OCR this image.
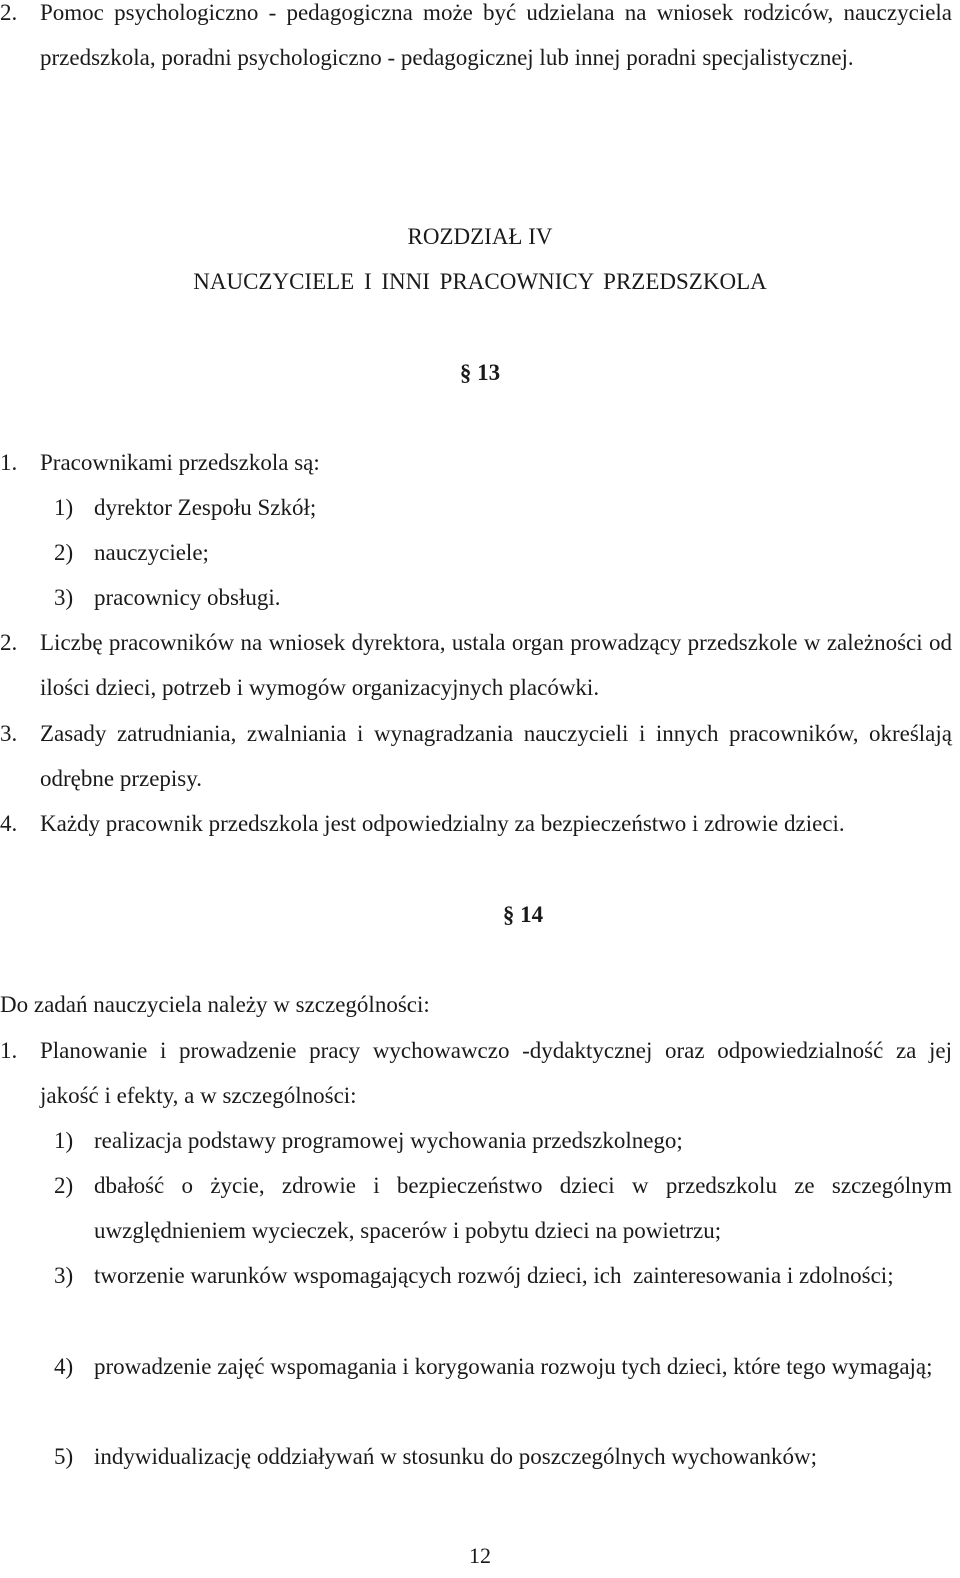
2. Pomoc psychologiczno - pedagogiczna może być udzielana na wniosek rodziców, nauczyciela przedszkola, poradni psychologiczno - pedagogicznej lub innej poradni specjalistycznej.
ROZDZIAŁ IV
NAUCZYCIELE I INNI PRACOWNICY PRZEDSZKOLA
§ 13
1. Pracownikami przedszkola są:
1) dyrektor Zespołu Szkół;
2) nauczyciele;
3) pracownicy obsługi.
2. Liczbę pracowników na wniosek dyrektora, ustala organ prowadzący przedszkole w zależności od ilości dzieci, potrzeb i wymogów organizacyjnych placówki.
3. Zasady zatrudniania, zwalniania i wynagradzania nauczycieli i innych pracowników, określają odrębne przepisy.
4. Każdy pracownik przedszkola jest odpowiedzialny za bezpieczeństwo i zdrowie dzieci.
§ 14
Do zadań nauczyciela należy w szczególności:
1. Planowanie i prowadzenie pracy wychowawczo -dydaktycznej oraz odpowiedzialność za jej jakość i efekty, a w szczególności:
1) realizacja podstawy programowej wychowania przedszkolnego;
2) dbałość o życie, zdrowie i bezpieczeństwo dzieci w przedszkolu ze szczególnym uwzględnieniem wycieczek, spacerów i pobytu dzieci na powietrzu;
3) tworzenie warunków wspomagających rozwój dzieci, ich  zainteresowania i zdolności;
4) prowadzenie zajęć wspomagania i korygowania rozwoju tych dzieci, które tego wymagają;
5) indywidualizację oddziaływań w stosunku do poszczególnych wychowanków;
12
